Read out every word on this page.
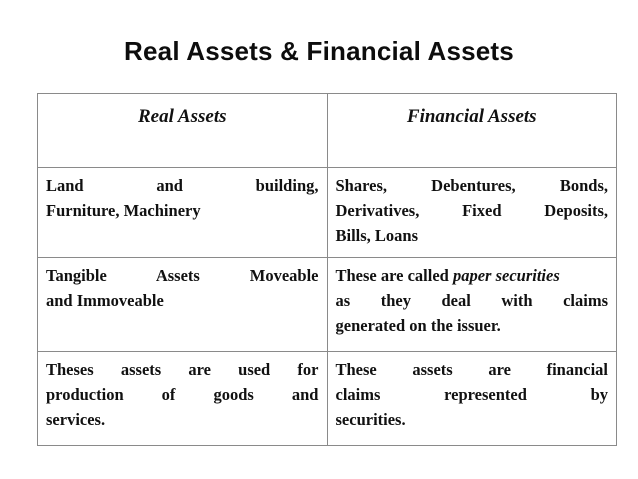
Real Assets & Financial Assets
Real Assets	Financial Assets

Land and building,
Furniture, Machinery	Shares, Debentures, Bonds,
Derivatives, Fixed Deposits,
Bills, Loans

Tangible Assets Moveable
and Immoveable	These are called paper securities
as they deal with claims
generated on the issuer.

Theses assets are used for
production of goods and
services.	These assets are financial
claims represented by
securities.
